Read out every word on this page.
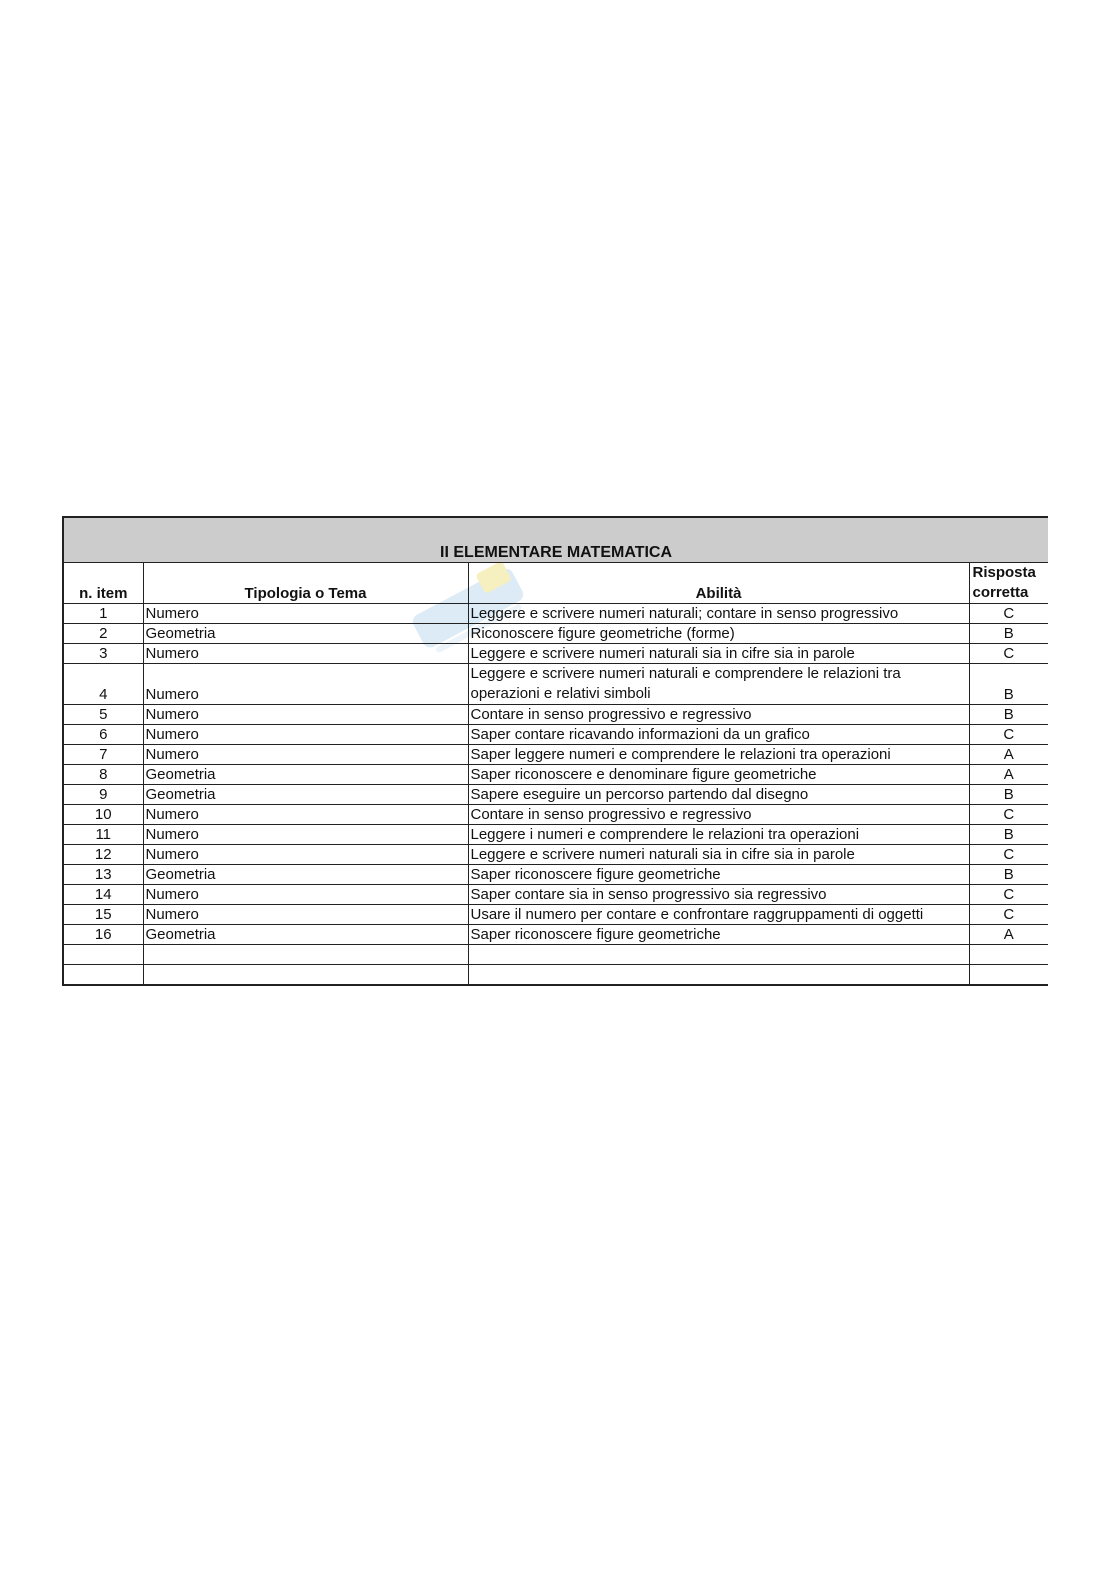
II ELEMENTARE MATEMATICA			
n. item	Tipologia o Tema	Abilità	Risposta corretta
1	Numero	Leggere e scrivere numeri naturali; contare in senso progressivo	C
2	Geometria	Riconoscere figure geometriche (forme)	B
3	Numero	Leggere e scrivere numeri naturali sia in cifre sia in parole	C
4	Numero	Leggere e scrivere numeri naturali e comprendere le relazioni tra operazioni e relativi simboli	B
5	Numero	Contare in senso progressivo e regressivo	B
6	Numero	Saper contare ricavando informazioni da un grafico	C
7	Numero	Saper leggere numeri e comprendere le relazioni tra operazioni	A
8	Geometria	Saper riconoscere e denominare figure geometriche	A
9	Geometria	Sapere eseguire un percorso partendo dal disegno	B
10	Numero	Contare in senso progressivo e regressivo	C
11	Numero	Leggere i numeri e comprendere le relazioni tra operazioni	B
12	Numero	Leggere e scrivere numeri naturali sia in cifre sia in parole	C
13	Geometria	Saper riconoscere figure geometriche	B
14	Numero	Saper contare sia in senso progressivo sia regressivo	C
15	Numero	Usare il numero per contare e confrontare raggruppamenti di oggetti	C
16	Geometria	Saper riconoscere figure geometriche	A
